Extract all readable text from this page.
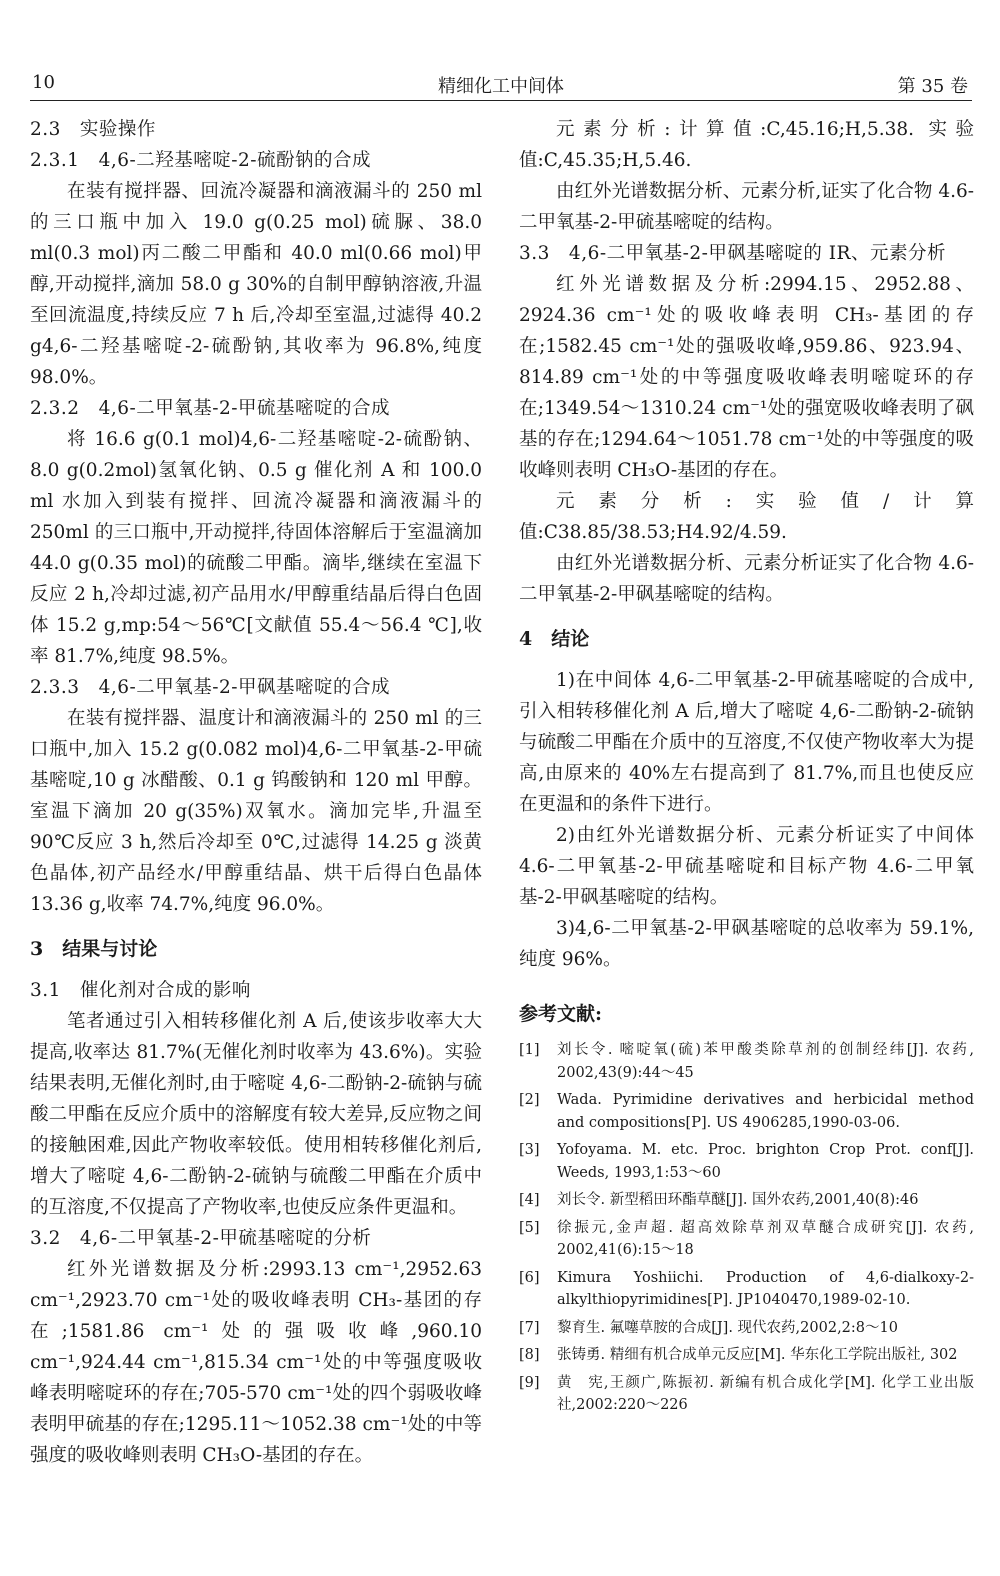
10	精细化工中间体	第 35 卷

2.3　实验操作

2.3.1　4,6-二羟基嘧啶-2-硫酚钠的合成

在装有搅拌器、回流冷凝器和滴液漏斗的 250 ml 的三口瓶中加入 19.0 g(0.25 mol)硫脲、38.0 ml(0.3 mol)丙二酸二甲酯和 40.0 ml(0.66 mol)甲醇,开动搅拌,滴加 58.0 g 30%的自制甲醇钠溶液,升温至回流温度,持续反应 7 h 后,冷却至室温,过滤得 40.2 g4,6-二羟基嘧啶-2-硫酚钠,其收率为 96.8%,纯度 98.0%。

2.3.2　4,6-二甲氧基-2-甲硫基嘧啶的合成

将 16.6 g(0.1 mol)4,6-二羟基嘧啶-2-硫酚钠、8.0 g(0.2mol)氢氧化钠、0.5 g 催化剂 A 和 100.0 ml 水加入到装有搅拌、回流冷凝器和滴液漏斗的 250ml 的三口瓶中,开动搅拌,待固体溶解后于室温滴加 44.0 g(0.35 mol)的硫酸二甲酯。滴毕,继续在室温下反应 2 h,冷却过滤,初产品用水/甲醇重结晶后得白色固体 15.2 g,mp:54～56℃[文献值 55.4～56.4 ℃],收率 81.7%,纯度 98.5%。

2.3.3　4,6-二甲氧基-2-甲砜基嘧啶的合成

在装有搅拌器、温度计和滴液漏斗的 250 ml 的三口瓶中,加入 15.2 g(0.082 mol)4,6-二甲氧基-2-甲硫基嘧啶,10 g 冰醋酸、0.1 g 钨酸钠和 120 ml 甲醇。室温下滴加 20 g(35%)双氧水。滴加完毕,升温至 90℃反应 3 h,然后冷却至 0℃,过滤得 14.25 g 淡黄色晶体,初产品经水/甲醇重结晶、烘干后得白色晶体 13.36 g,收率 74.7%,纯度 96.0%。

3　结果与讨论

3.1　催化剂对合成的影响

笔者通过引入相转移催化剂 A 后,使该步收率大大提高,收率达 81.7%(无催化剂时收率为 43.6%)。实验结果表明,无催化剂时,由于嘧啶 4,6-二酚钠-2-硫钠与硫酸二甲酯在反应介质中的溶解度有较大差异,反应物之间的接触困难,因此产物收率较低。使用相转移催化剂后,增大了嘧啶 4,6-二酚钠-2-硫钠与硫酸二甲酯在介质中的互溶度,不仅提高了产物收率,也使反应条件更温和。

3.2　4,6-二甲氧基-2-甲硫基嘧啶的分析

红外光谱数据及分析:2993.13 cm⁻¹,2952.63 cm⁻¹,2923.70 cm⁻¹处的吸收峰表明 CH₃-基团的存在;1581.86 cm⁻¹处的强吸收峰,960.10 cm⁻¹,924.44 cm⁻¹,815.34 cm⁻¹处的中等强度吸收峰表明嘧啶环的存在;705-570 cm⁻¹处的四个弱吸收峰表明甲硫基的存在;1295.11～1052.38 cm⁻¹处的中等强度的吸收峰则表明 CH₃O-基团的存在。

元素分析:计算值:C,45.16;H,5.38. 实验值:C,45.35;H,5.46.

由红外光谱数据分析、元素分析,证实了化合物 4.6-二甲氧基-2-甲硫基嘧啶的结构。

3.3　4,6-二甲氧基-2-甲砜基嘧啶的 IR、元素分析

红外光谱数据及分析:2994.15、2952.88、2924.36 cm⁻¹处的吸收峰表明 CH₃-基团的存在;1582.45 cm⁻¹处的强吸收峰,959.86、923.94、814.89 cm⁻¹处的中等强度吸收峰表明嘧啶环的存在;1349.54～1310.24 cm⁻¹处的强宽吸收峰表明了砜基的存在;1294.64～1051.78 cm⁻¹处的中等强度的吸收峰则表明 CH₃O-基团的存在。

元素分析:实验值/计算值:C38.85/38.53;H4.92/4.59.

由红外光谱数据分析、元素分析证实了化合物 4.6-二甲氧基-2-甲砜基嘧啶的结构。

4　结论

1)在中间体 4,6-二甲氧基-2-甲硫基嘧啶的合成中,引入相转移催化剂 A 后,增大了嘧啶 4,6-二酚钠-2-硫钠与硫酸二甲酯在介质中的互溶度,不仅使产物收率大为提高,由原来的 40%左右提高到了 81.7%,而且也使反应在更温和的条件下进行。

2)由红外光谱数据分析、元素分析证实了中间体 4.6-二甲氧基-2-甲硫基嘧啶和目标产物 4.6-二甲氧基-2-甲砜基嘧啶的结构。

3)4,6-二甲氧基-2-甲砜基嘧啶的总收率为 59.1%,纯度 96%。

参考文献:

[1]	刘长令. 嘧啶氧(硫)苯甲酸类除草剂的创制经纬[J]. 农药, 2002,43(9):44～45
[2]	Wada. Pyrimidine derivatives and herbicidal method and compositions[P]. US 4906285,1990-03-06.
[3]	Yofoyama. M. etc. Proc. brighton Crop Prot. conf[J]. Weeds, 1993,1:53～60
[4]	刘长令. 新型稻田环酯草醚[J]. 国外农药,2001,40(8):46
[5]	徐振元,金声超. 超高效除草剂双草醚合成研究[J]. 农药, 2002,41(6):15～18
[6]	Kimura Yoshiichi. Production of 4,6-dialkoxy-2-alkylthiopyrimidines[P]. JP1040470,1989-02-10.
[7]	黎育生. 氟噻草胺的合成[J]. 现代农药,2002,2:8～10
[8]	张铸勇. 精细有机合成单元反应[M]. 华东化工学院出版社, 302
[9]	黄　宪,王颜广,陈振初. 新编有机合成化学[M]. 化学工业出版社,2002:220～226
